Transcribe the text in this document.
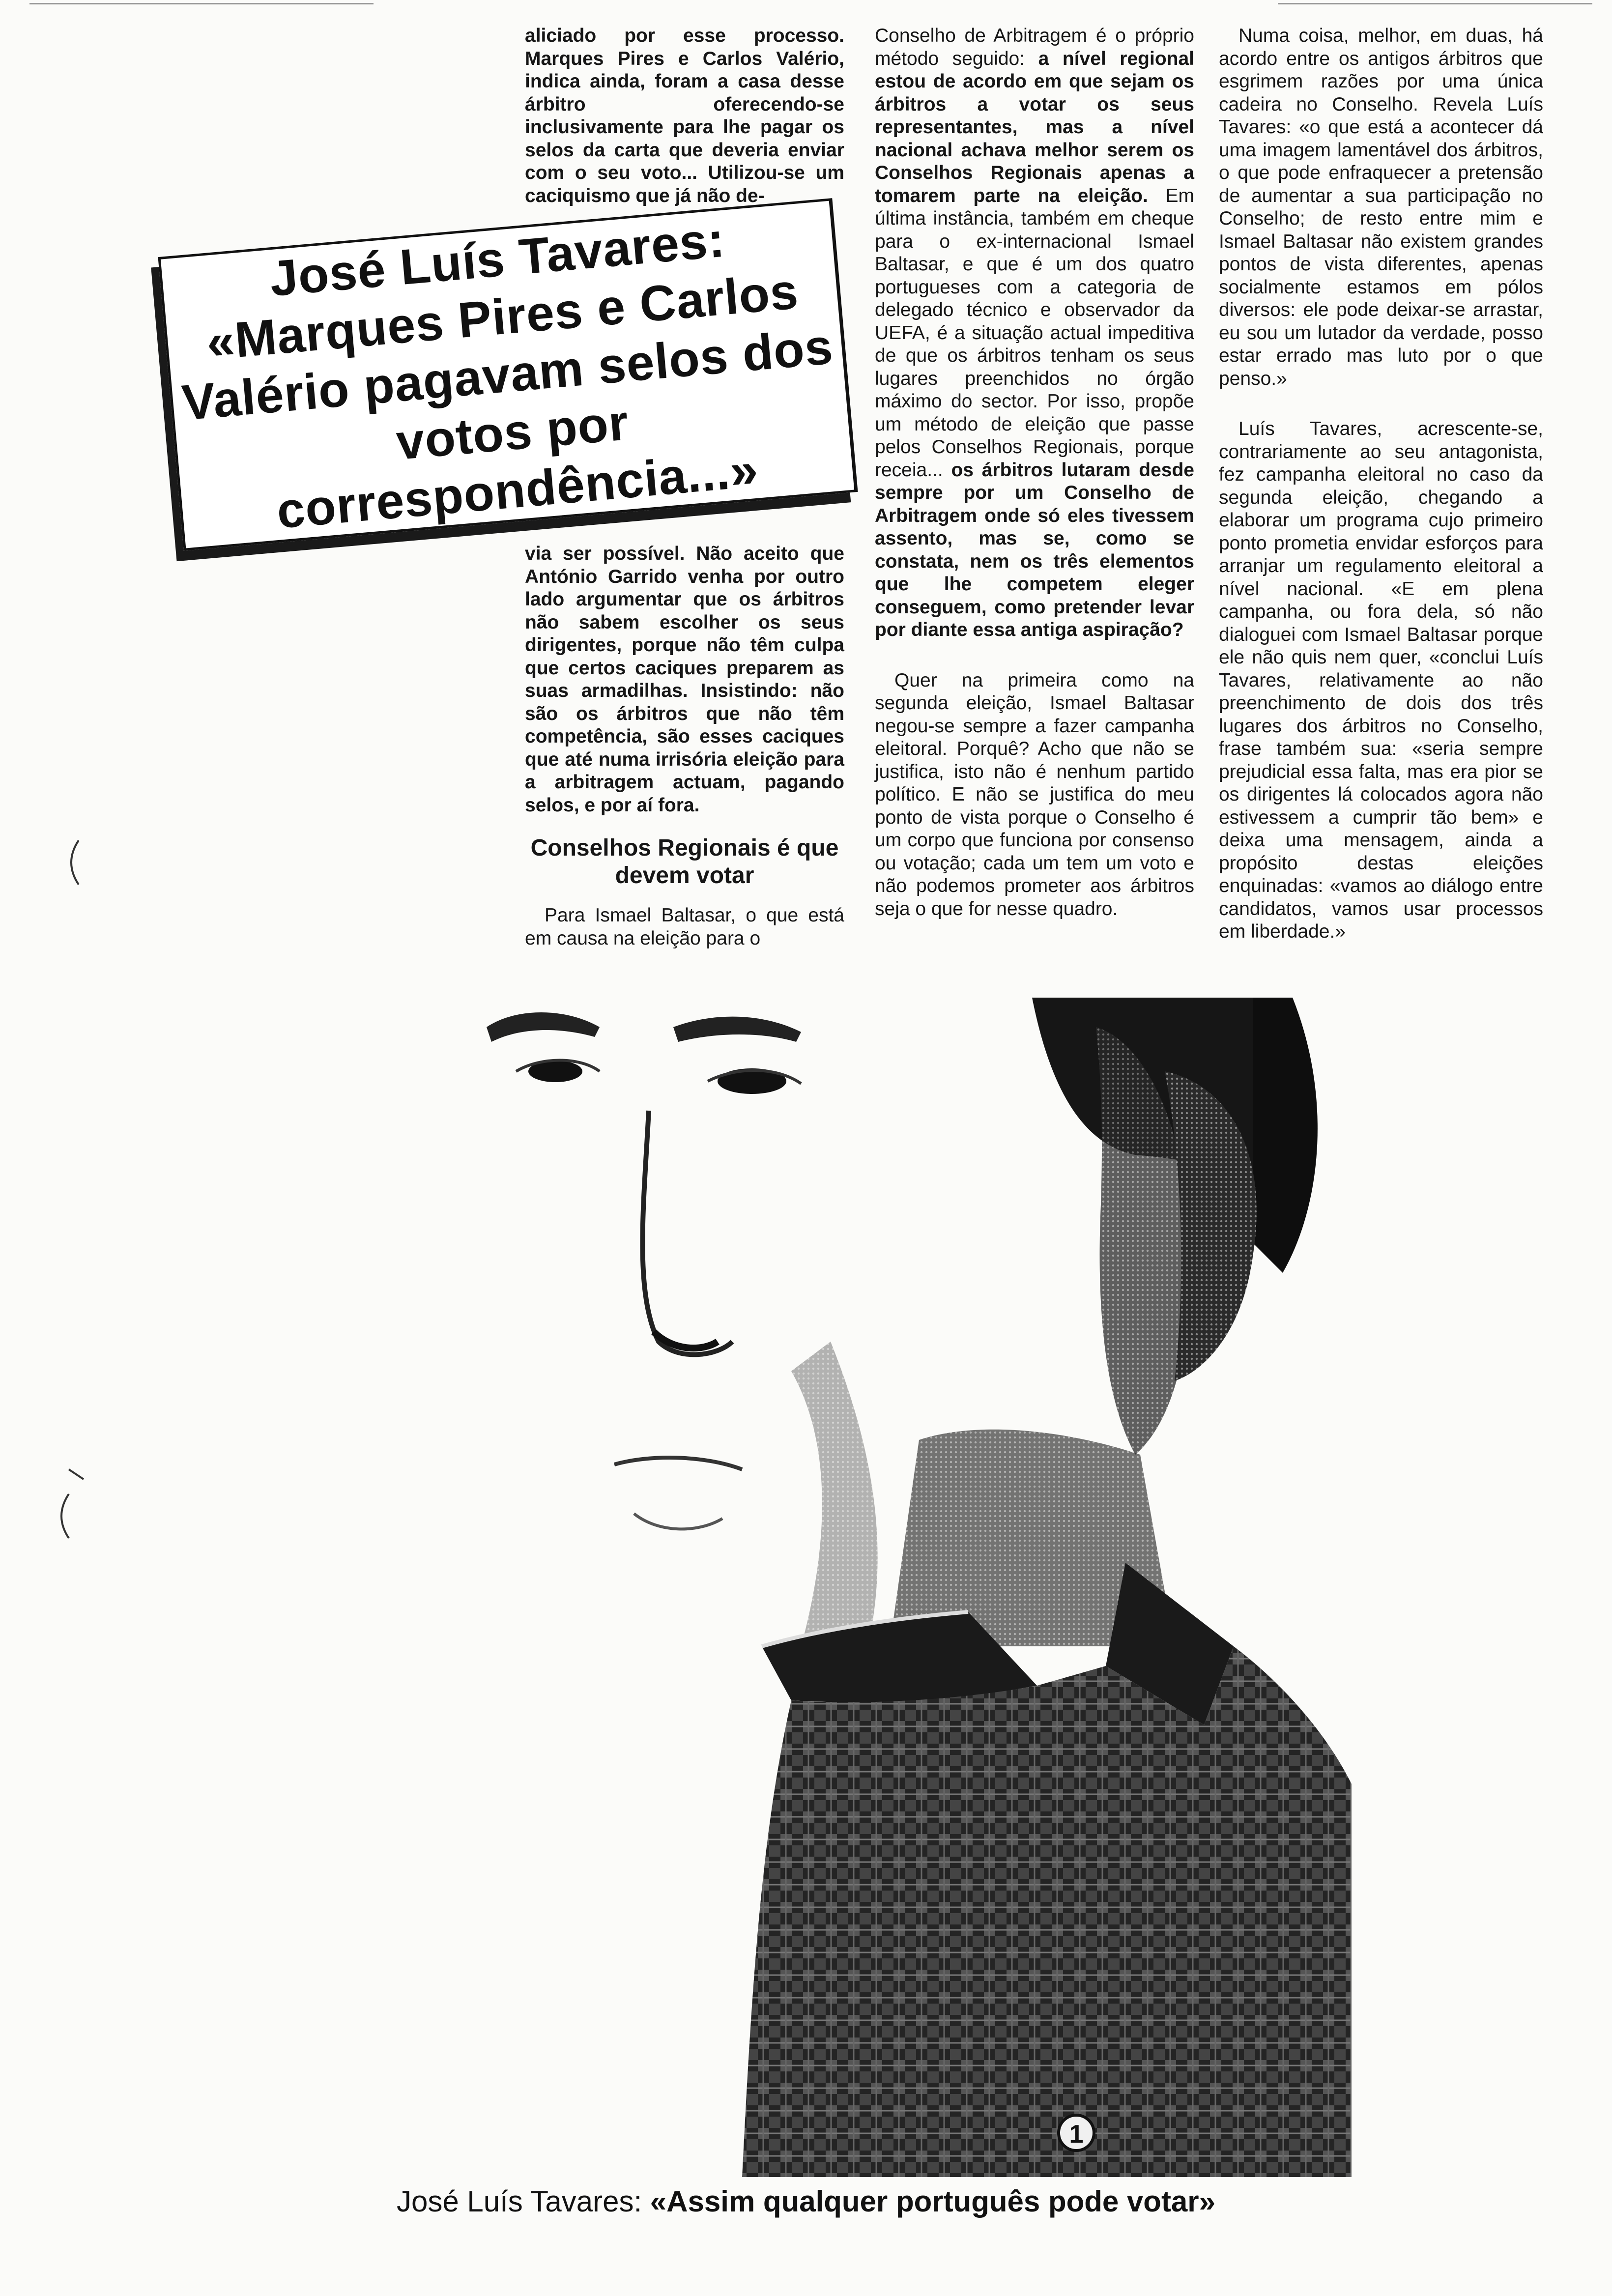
aliciado por esse processo. Marques Pires e Carlos Valério, indica ainda, foram a casa desse árbitro oferecendo-se inclusivamente para lhe pagar os selos da carta que deveria enviar com o seu voto... Utilizou-se um caciquismo que já não de-

José Luís Tavares: «Marques Pires e Carlos Valério pagavam selos dos votos por correspondência...»

via ser possível. Não aceito que António Garrido venha por outro lado argumentar que os árbitros não sabem escolher os seus dirigentes, porque não têm culpa que certos caciques preparem as suas armadilhas. Insistindo: não são os árbitros que não têm competência, são esses caciques que até numa irrisória eleição para a arbitragem actuam, pagando selos, e por aí fora.

Conselhos Regionais é que devem votar

Para Ismael Baltasar, o que está em causa na eleição para o

Conselho de Arbitragem é o próprio método seguido: a nível regional estou de acordo em que sejam os árbitros a votar os seus representantes, mas a nível nacional achava melhor serem os Conselhos Regionais apenas a tomarem parte na eleição. Em última instância, também em cheque para o ex-internacional Ismael Baltasar, e que é um dos quatro portugueses com a categoria de delegado técnico e observador da UEFA, é a situação actual impeditiva de que os árbitros tenham os seus lugares preenchidos no órgão máximo do sector. Por isso, propõe um método de eleição que passe pelos Conselhos Regionais, porque receia... os árbitros lutaram desde sempre por um Conselho de Arbitragem onde só eles tivessem assento, mas se, como se constata, nem os três elementos que lhe competem eleger conseguem, como pretender levar por diante essa antiga aspiração?

Quer na primeira como na segunda eleição, Ismael Baltasar negou-se sempre a fazer campanha eleitoral. Porquê? Acho que não se justifica, isto não é nenhum partido político. E não se justifica do meu ponto de vista porque o Conselho é um corpo que funciona por consenso ou votação; cada um tem um voto e não podemos prometer aos árbitros seja o que for nesse quadro.

Numa coisa, melhor, em duas, há acordo entre os antigos árbitros que esgrimem razões por uma única cadeira no Conselho. Revela Luís Tavares: «o que está a acontecer dá uma imagem lamentável dos árbitros, o que pode enfraquecer a pretensão de aumentar a sua participação no Conselho; de resto entre mim e Ismael Baltasar não existem grandes pontos de vista diferentes, apenas socialmente estamos em pólos diversos: ele pode deixar-se arrastar, eu sou um lutador da verdade, posso estar errado mas luto por o que penso.»

Luís Tavares, acrescente-se, contrariamente ao seu antagonista, fez campanha eleitoral no caso da segunda eleição, chegando a elaborar um programa cujo primeiro ponto prometia envidar esforços para arranjar um regulamento eleitoral a nível nacional. «E em plena campanha, ou fora dela, só não dialoguei com Ismael Baltasar porque ele não quis nem quer, «conclui Luís Tavares, relativamente ao não preenchimento de dois dos três lugares dos árbitros no Conselho, frase também sua: «seria sempre prejudicial essa falta, mas era pior se os dirigentes lá colocados agora não estivessem a cumprir tão bem» e deixa uma mensagem, ainda a propósito destas eleições enquinadas: «vamos ao diálogo entre candidatos, vamos usar processos em liberdade.»

1
José Luís Tavares: «Assim qualquer português pode votar»
